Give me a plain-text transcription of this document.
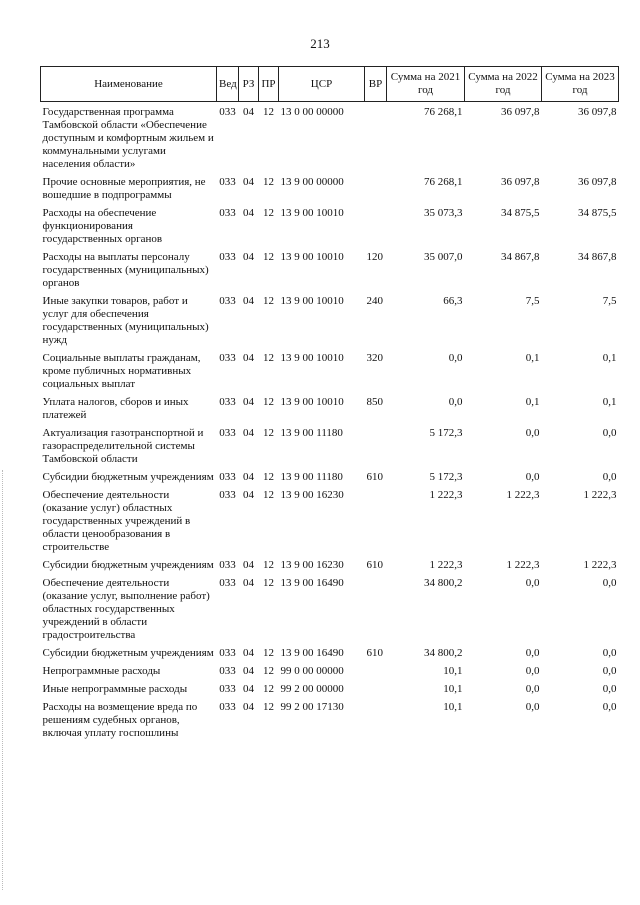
213
Наименование	Вед	РЗ	ПР	ЦСР	ВР	Сумма на 2021 год	Сумма на 2022 год	Сумма на 2023 год
Государственная программа Тамбовской области «Обеспечение доступным и комфортным жильем и коммунальными услугами населения области»	033	04	12	13 0 00 00000		76 268,1	36 097,8	36 097,8
Прочие основные мероприятия, не вошедшие в подпрограммы	033	04	12	13 9 00 00000		76 268,1	36 097,8	36 097,8
Расходы на обеспечение функционирования государственных органов	033	04	12	13 9 00 10010		35 073,3	34 875,5	34 875,5
Расходы на выплаты персоналу государственных (муниципальных) органов	033	04	12	13 9 00 10010	120	35 007,0	34 867,8	34 867,8
Иные закупки товаров, работ и услуг для обеспечения государственных (муниципальных) нужд	033	04	12	13 9 00 10010	240	66,3	7,5	7,5
Социальные выплаты гражданам, кроме публичных нормативных социальных выплат	033	04	12	13 9 00 10010	320	0,0	0,1	0,1
Уплата налогов, сборов и иных платежей	033	04	12	13 9 00 10010	850	0,0	0,1	0,1
Актуализация газотранспортной и газораспределительной системы Тамбовской области	033	04	12	13 9 00 11180		5 172,3	0,0	0,0
Субсидии бюджетным учреждениям	033	04	12	13 9 00 11180	610	5 172,3	0,0	0,0
Обеспечение деятельности (оказание услуг) областных государственных учреждений в области ценообразования в строительстве	033	04	12	13 9 00 16230		1 222,3	1 222,3	1 222,3
Субсидии бюджетным учреждениям	033	04	12	13 9 00 16230	610	1 222,3	1 222,3	1 222,3
Обеспечение деятельности (оказание услуг, выполнение работ) областных государственных учреждений в области градостроительства	033	04	12	13 9 00 16490		34 800,2	0,0	0,0
Субсидии бюджетным учреждениям	033	04	12	13 9 00 16490	610	34 800,2	0,0	0,0
Непрограммные расходы	033	04	12	99 0 00 00000		10,1	0,0	0,0
Иные непрограммные расходы	033	04	12	99 2 00 00000		10,1	0,0	0,0
Расходы на возмещение вреда по решениям судебных органов, включая уплату госпошлины	033	04	12	99 2 00 17130		10,1	0,0	0,0
